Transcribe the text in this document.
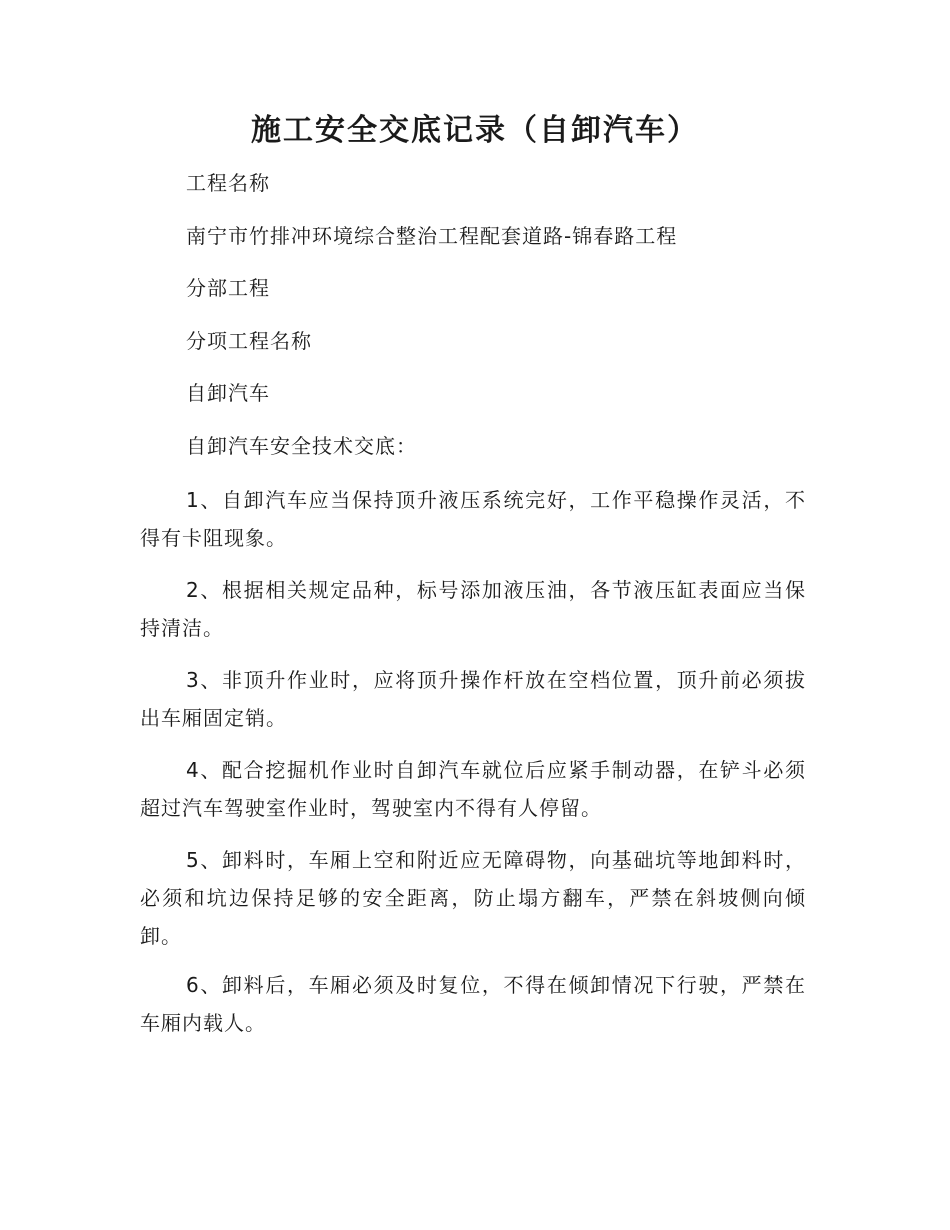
施工安全交底记录（自卸汽车）

工程名称

南宁市竹排冲环境综合整治工程配套道路-锦春路工程

分部工程

分项工程名称

自卸汽车

自卸汽车安全技术交底：

1、自卸汽车应当保持顶升液压系统完好，工作平稳操作灵活，不得有卡阻现象。

2、根据相关规定品种，标号添加液压油，各节液压缸表面应当保持清洁。

3、非顶升作业时，应将顶升操作杆放在空档位置，顶升前必须拔出车厢固定销。

4、配合挖掘机作业时自卸汽车就位后应紧手制动器，在铲斗必须超过汽车驾驶室作业时，驾驶室内不得有人停留。

5、卸料时，车厢上空和附近应无障碍物，向基础坑等地卸料时，必须和坑边保持足够的安全距离，防止塌方翻车，严禁在斜坡侧向倾卸。

6、卸料后，车厢必须及时复位，不得在倾卸情况下行驶，严禁在车厢内载人。
